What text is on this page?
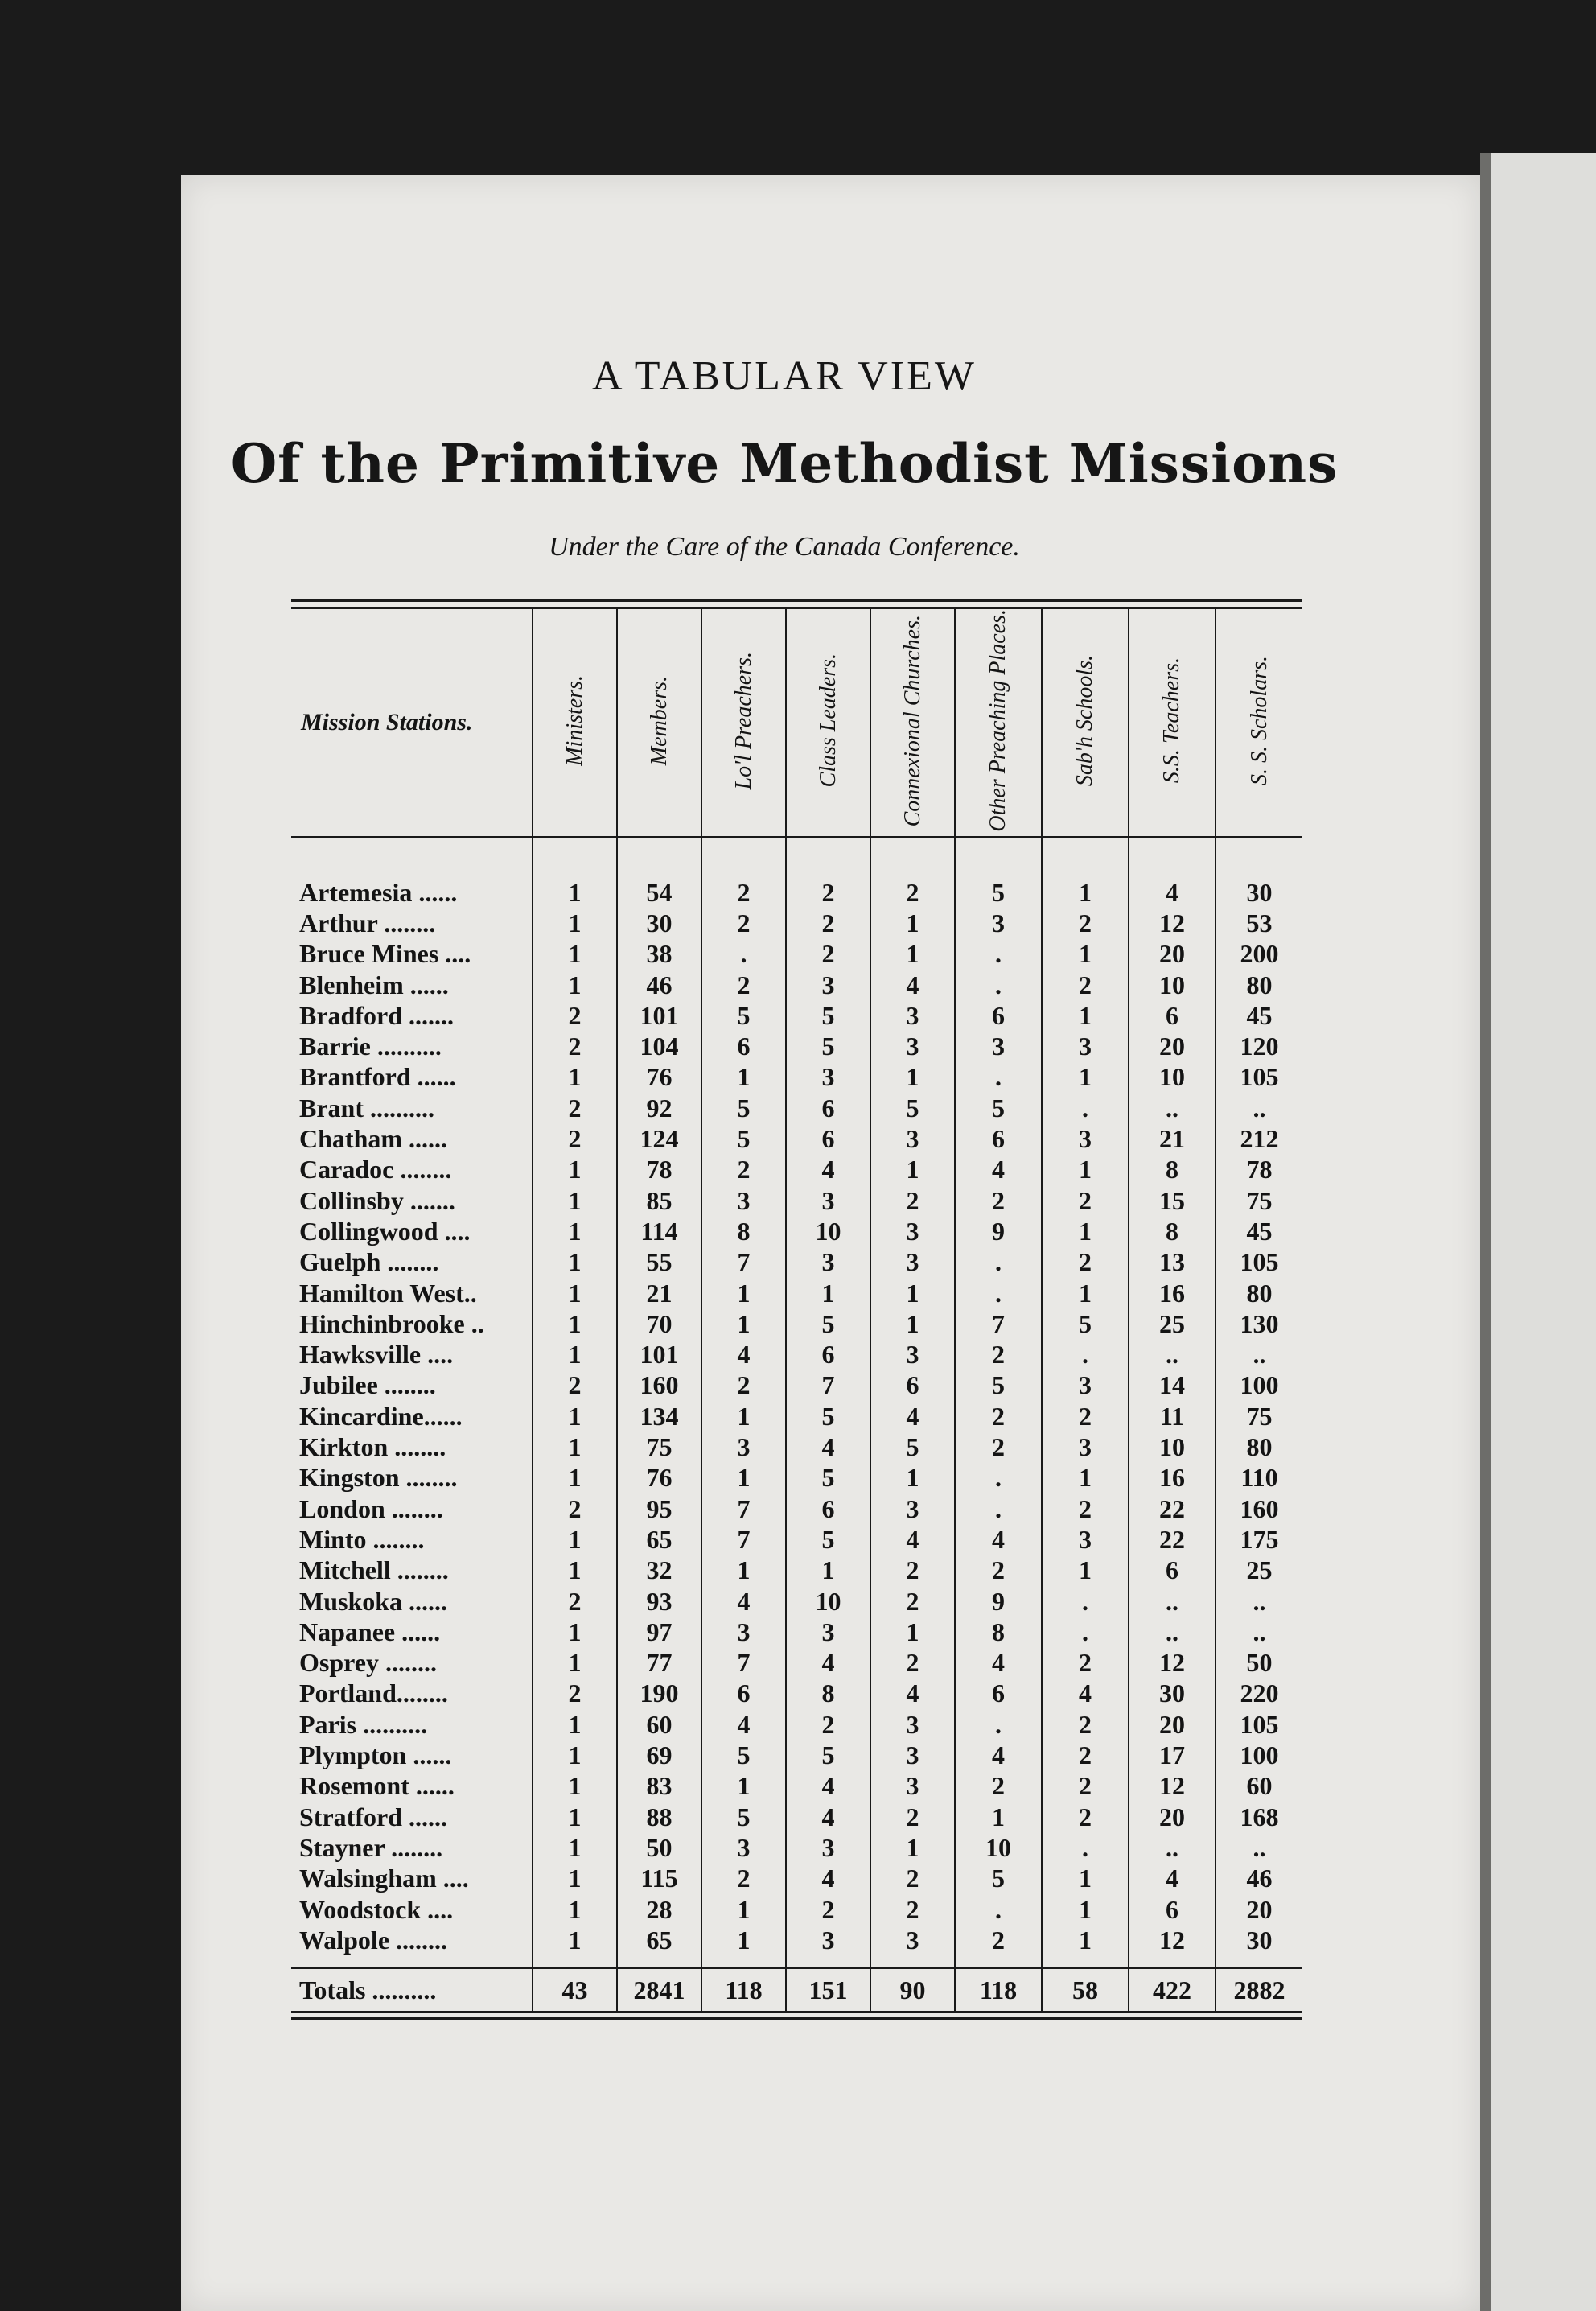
A TABULAR VIEW
Of the Primitive Methodist Missions
Under the Care of the Canada Conference.
Mission Stations.	Ministers.	Members.	Lo'l Preachers.	Class Leaders.	Connexional Churches.	Other Preaching Places.	Sab'h Schools.	S.S. Teachers.	S. S. Scholars.

Artemesia ......	1	54	2	2	2	5	1	4	30
Arthur ........	1	30	2	2	1	3	2	12	53
Bruce Mines ....	1	38	.	2	1	.	1	20	200
Blenheim ......	1	46	2	3	4	.	2	10	80
Bradford .......	2	101	5	5	3	6	1	6	45
Barrie ..........	2	104	6	5	3	3	3	20	120
Brantford ......	1	76	1	3	1	.	1	10	105
Brant ..........	2	92	5	6	5	5	.	..	..
Chatham ......	2	124	5	6	3	6	3	21	212
Caradoc ........	1	78	2	4	1	4	1	8	78
Collinsby .......	1	85	3	3	2	2	2	15	75
Collingwood ....	1	114	8	10	3	9	1	8	45
Guelph ........	1	55	7	3	3	.	2	13	105
Hamilton West..	1	21	1	1	1	.	1	16	80
Hinchinbrooke ..	1	70	1	5	1	7	5	25	130
Hawksville ....	1	101	4	6	3	2	.	..	..
Jubilee ........	2	160	2	7	6	5	3	14	100
Kincardine......	1	134	1	5	4	2	2	11	75
Kirkton ........	1	75	3	4	5	2	3	10	80
Kingston ........	1	76	1	5	1	.	1	16	110
London ........	2	95	7	6	3	.	2	22	160
Minto ........	1	65	7	5	4	4	3	22	175
Mitchell ........	1	32	1	1	2	2	1	6	25
Muskoka ......	2	93	4	10	2	9	.	..	..
Napanee ......	1	97	3	3	1	8	.	..	..
Osprey ........	1	77	7	4	2	4	2	12	50
Portland........	2	190	6	8	4	6	4	30	220
Paris ..........	1	60	4	2	3	.	2	20	105
Plympton ......	1	69	5	5	3	4	2	17	100
Rosemont ......	1	83	1	4	3	2	2	12	60
Stratford ......	1	88	5	4	2	1	2	20	168
Stayner ........	1	50	3	3	1	10	.	..	..
Walsingham ....	1	115	2	4	2	5	1	4	46
Woodstock ....	1	28	1	2	2	.	1	6	20
Walpole ........	1	65	1	3	3	2	1	12	30
Totals ..........	43	2841	118	151	90	118	58	422	2882
